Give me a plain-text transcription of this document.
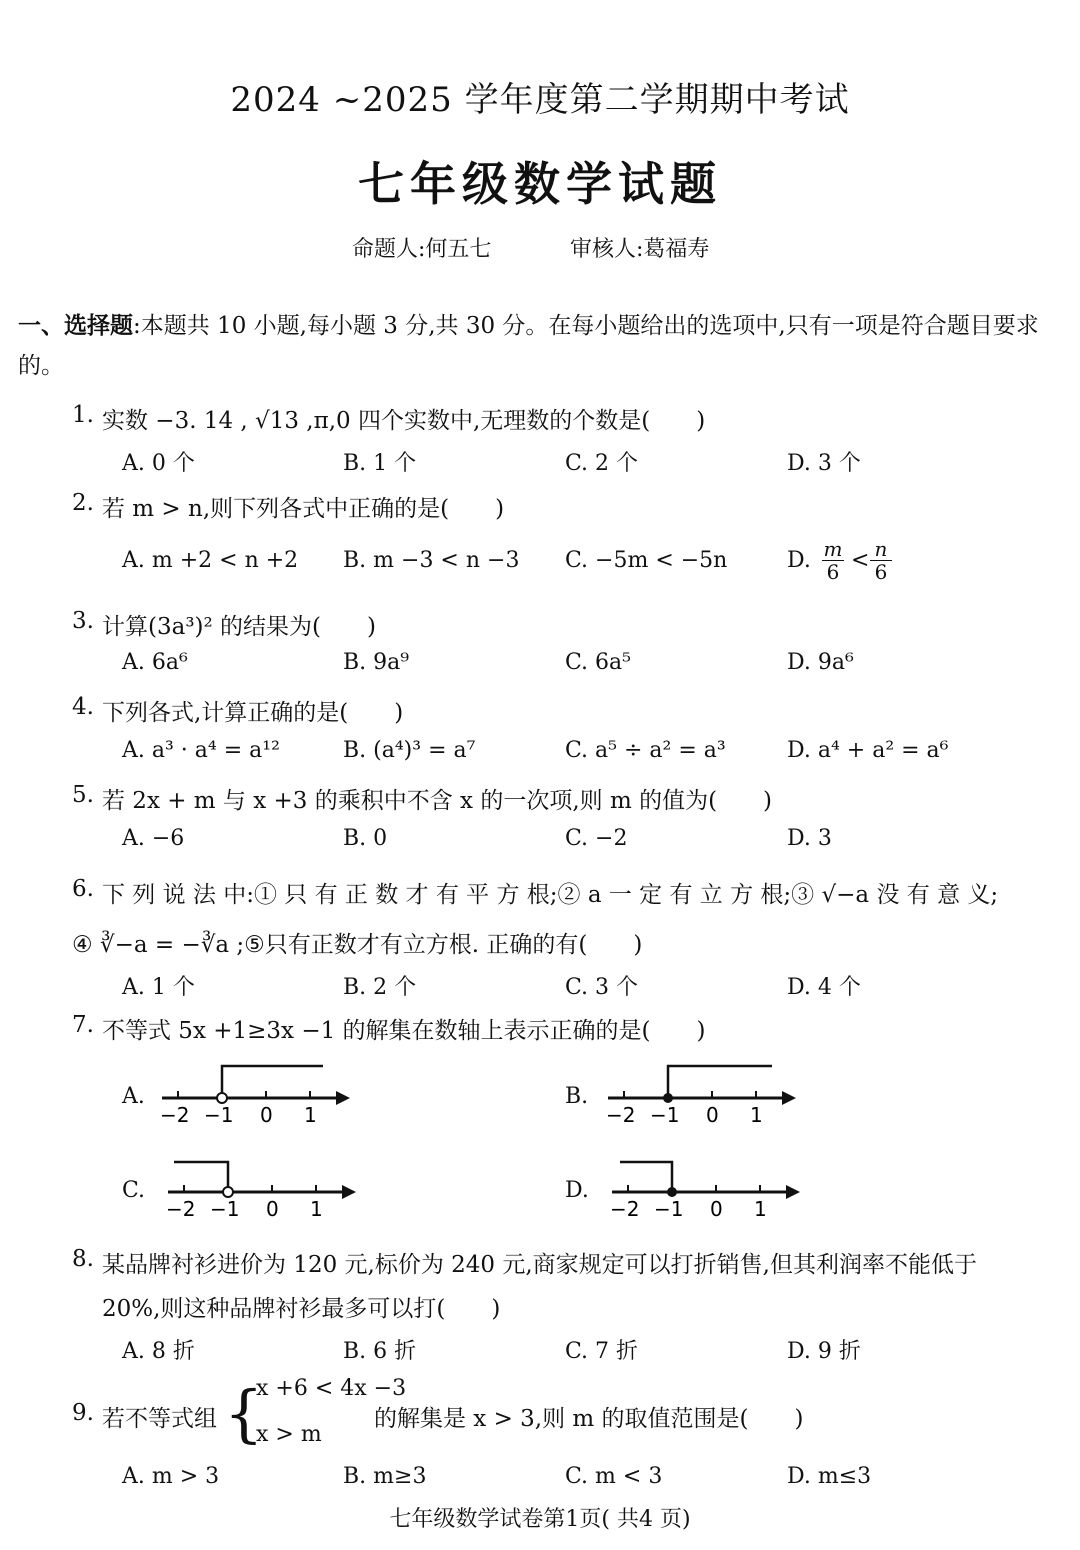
2024 ~2025 学年度第二学期期中考试
七年级数学试题
命题人:何五七	审核人:葛福寿
一、选择题:本题共 10 小题,每小题 3 分,共 30 分。在每小题给出的选项中,只有一项是符合题目要求的。
1. 实数 −3. 14 , √13 ,π,0 四个实数中,无理数的个数是(　　)
A. 0 个	B. 1 个	C. 2 个	D. 3 个
2. 若 m > n,则下列各式中正确的是(　　)
A. m +2 < n +2 B. m −3 < n −3 C. −5m < −5n	D. $\frac{m}{6} < \frac{n}{6}$
3. 计算(3a³)² 的结果为(　　)
A. 6a⁶	B. 9a⁹	C. 6a⁵	D. 9a⁶
4. 下列各式,计算正确的是(　　)
A. a³ · a⁴ = a¹²	B. (a⁴)³ = a⁷	C. a⁵ ÷ a² = a³	D. a⁴ + a² = a⁶
5. 若 2x + m 与 x +3 的乘积中不含 x 的一次项,则 m 的值为(　　)
A. −6	B. 0	C. −2	D. 3
6. 下 列 说 法 中:① 只 有 正 数 才 有 平 方 根;② a 一 定 有 立 方 根;③ √−a 没 有 意 义;
④ ∛−a = −∛a ;⑤只有正数才有立方根. 正确的有(　　)
A. 1 个	B. 2 个	C. 3 个	D. 4 个
7. 不等式 5x +1≥3x −1 的解集在数轴上表示正确的是(　　)
A.	B.
C.	D.
−2 −1 0 1	−2 −1 0 1
−2 −1 0 1	−2 −1 0 1
8. 某品牌衬衫进价为 120 元,标价为 240 元,商家规定可以打折销售,但其利润率不能低于
20%,则这种品牌衬衫最多可以打(　　)
A. 8 折	B. 6 折	C. 7 折	D. 9 折
9. 若不等式组 {
x +6 < 4x −3
x > m
的解集是 x > 3,则 m 的取值范围是(　　)
A. m > 3	B. m≥3	C. m < 3	D. m≤3
七年级数学试卷第1页( 共4 页)
